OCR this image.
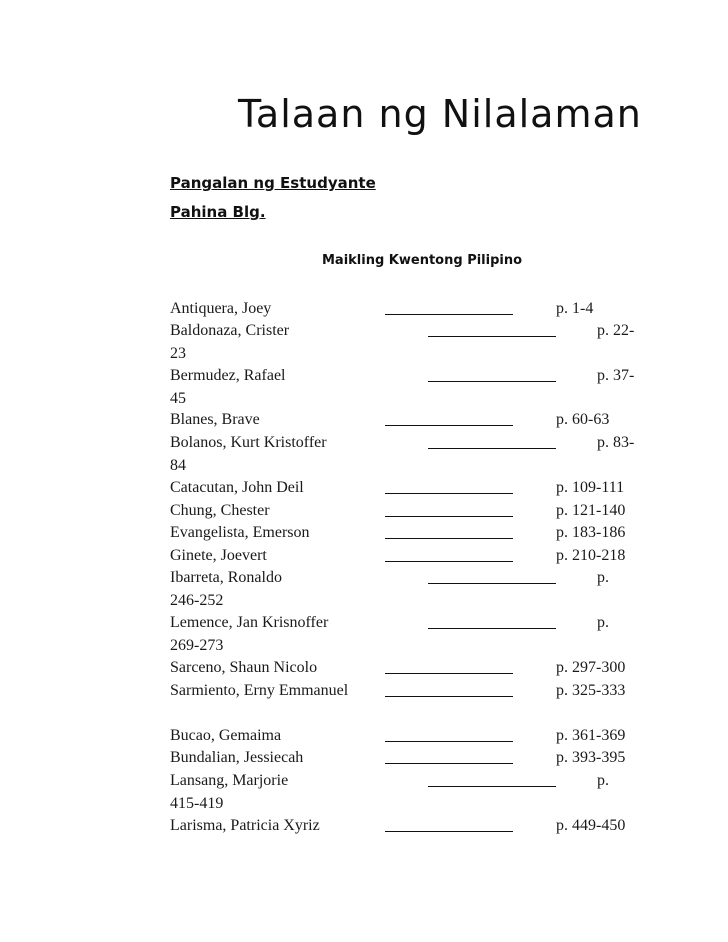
Talaan ng Nilalaman
Pangalan ng Estudyante
Pahina Blg.
Maikling Kwentong Pilipino
Antiquera, Joey	p. 1-4
Baldonaza, Crister	p. 22-
23
Bermudez, Rafael	p. 37-
45
Blanes, Brave	p. 60-63
Bolanos, Kurt Kristoffer	p. 83-
84
Catacutan, John Deil	p. 109-111
Chung, Chester	p. 121-140
Evangelista, Emerson	p. 183-186
Ginete, Joevert	p. 210-218
Ibarreta, Ronaldo	p.
246-252
Lemence, Jan Krisnoffer	p.
269-273
Sarceno, Shaun Nicolo	p. 297-300
Sarmiento, Erny Emmanuel	p. 325-333
Bucao, Gemaima	p. 361-369
Bundalian, Jessiecah	p. 393-395
Lansang, Marjorie	p.
415-419
Larisma, Patricia Xyriz	p. 449-450
